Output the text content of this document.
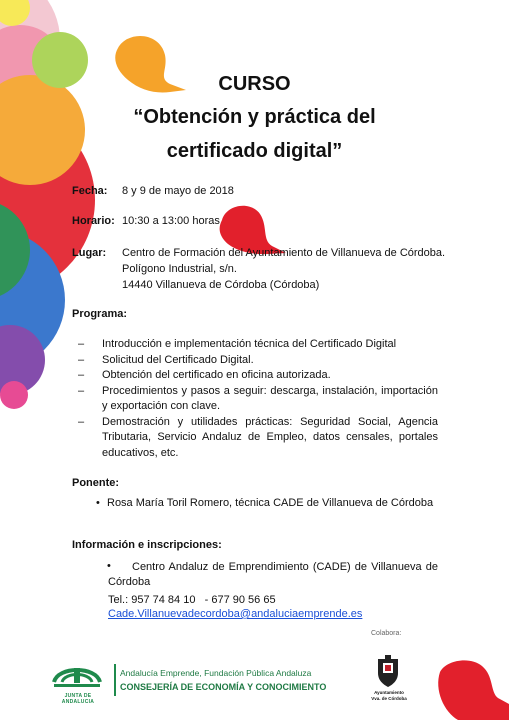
CURSO
“Obtención y práctica del
certificado digital”
Fecha: 8 y 9 de mayo de 2018
Horario: 10:30 a 13:00 horas
Lugar: Centro de Formación del Ayuntamiento de Villanueva de Córdoba.
Polígono Industrial, s/n.
14440 Villanueva de Córdoba (Córdoba)
Programa:
– Introducción e implementación técnica del Certificado Digital
– Solicitud del Certificado Digital.
– Obtención del certificado en oficina autorizada.
– Procedimientos y pasos a seguir: descarga, instalación, importación y exportación con clave.
– Demostración y utilidades prácticas: Seguridad Social, Agencia Tributaria, Servicio Andaluz de Empleo, datos censales, portales educativos, etc.
Ponente:
• Rosa María Toril Romero, técnica CADE de Villanueva de Córdoba
Información e inscripciones:
•	Centro Andaluz de Emprendimiento (CADE) de Villanueva de Córdoba
Tel.: 957 74 84 10   - 677 90 56 65
Cade.Villanuevadecordoba@andaluciaemprende.es
Colabora:
JUNTA DE ANDALUCIA
Andalucía Emprende, Fundación Pública Andaluza
CONSEJERÍA DE ECONOMÍA Y CONOCIMIENTO
Ayuntamiento
Vva. de Córdoba
